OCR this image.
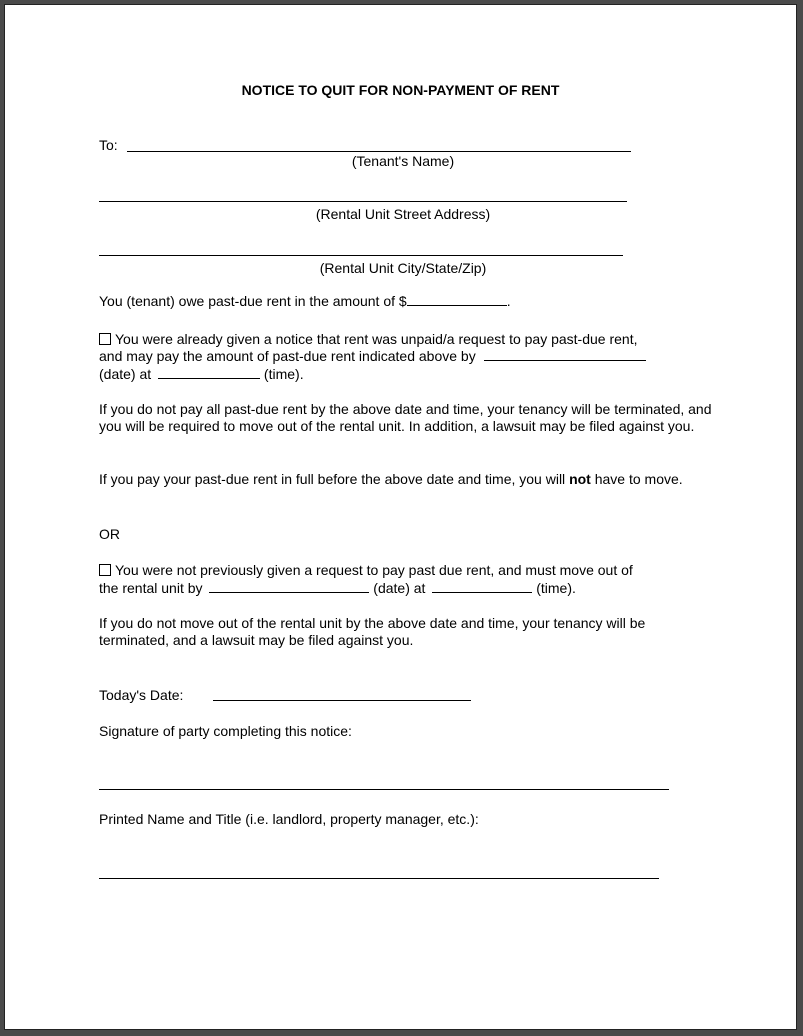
NOTICE TO QUIT FOR NON-PAYMENT OF RENT
To:
(Tenant's Name)
(Rental Unit Street Address)
(Rental Unit City/State/Zip)
You (tenant) owe past-due rent in the amount of $	.
You were already given a notice that rent was unpaid/a request to pay past-due rent,
and may pay the amount of past-due rent indicated above by
(date) at	(time).
If you do not pay all past-due rent by the above date and time, your tenancy will be terminated, and you will be required to move out of the rental unit. In addition, a lawsuit may be filed against you.
If you pay your past-due rent in full before the above date and time, you will not have to move.
OR
You were not previously given a request to pay past due rent, and must move out of
the rental unit by	(date) at	(time).
If you do not move out of the rental unit by the above date and time, your tenancy will be terminated, and a lawsuit may be filed against you.
Today's Date:
Signature of party completing this notice:
Printed Name and Title (i.e. landlord, property manager, etc.):
